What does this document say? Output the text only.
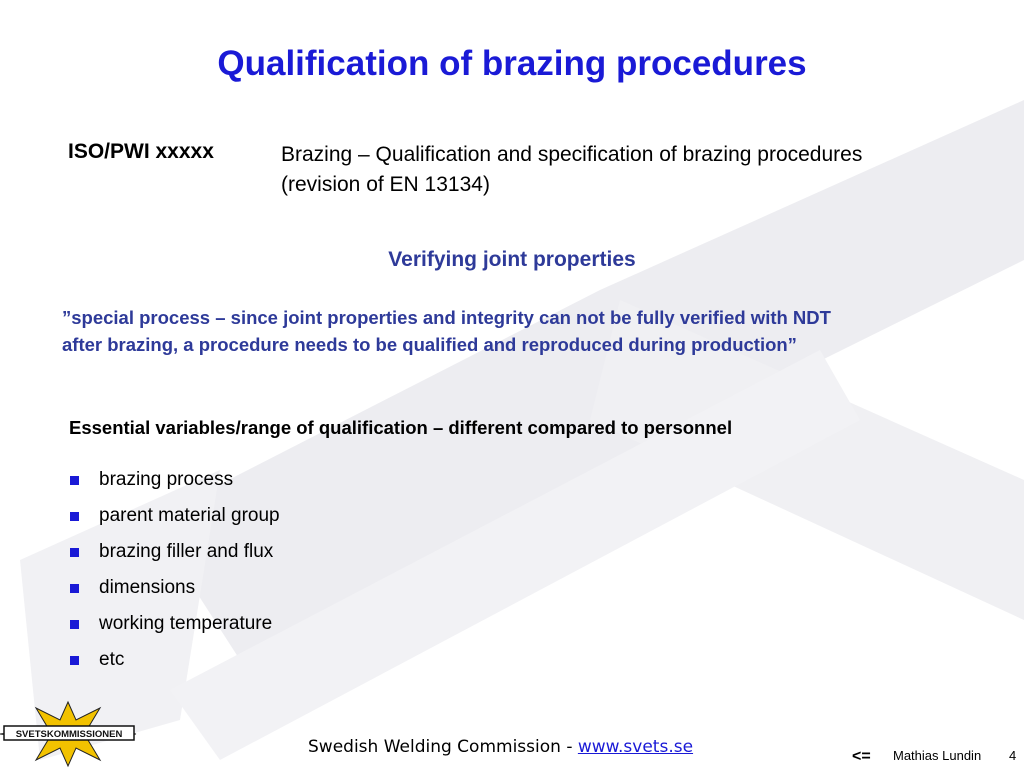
Qualification of brazing procedures
ISO/PWI xxxxx	Brazing – Qualification and specification of brazing procedures
(revision of EN 13134)
Verifying joint properties
”special process – since joint properties and integrity can not be fully verified with NDT
after brazing, a procedure needs to be qualified and reproduced during production”
Essential variables/range of qualification – different compared to personnel
brazing process
parent material group
brazing filler and flux
dimensions
working temperature
etc
SVETSKOMMISSIONEN
Swedish Welding Commission - www.svets.se	<= Mathias Lundin 4
